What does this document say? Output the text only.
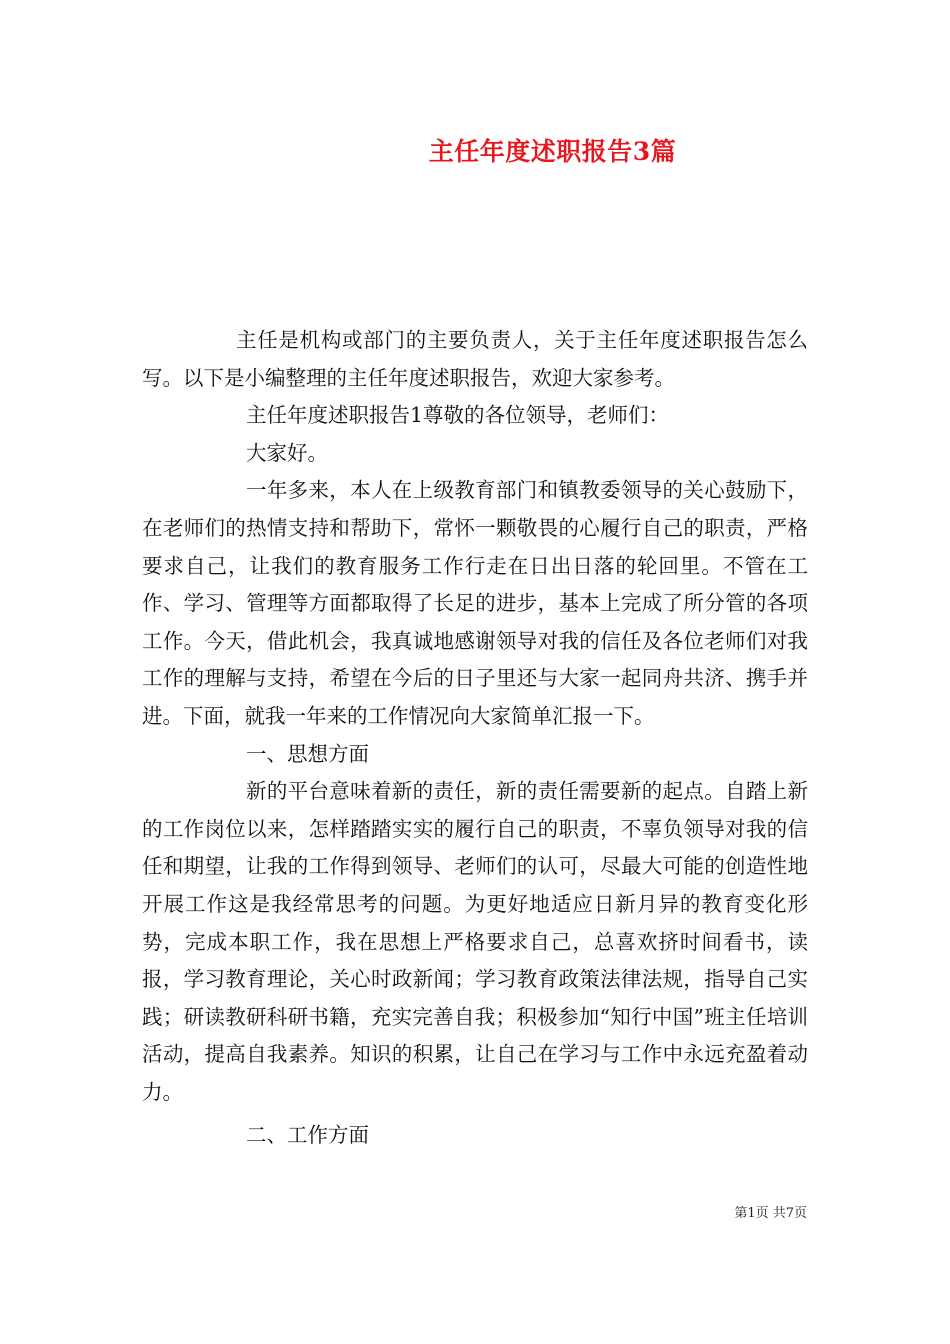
主任年度述职报告3篇

主任是机构或部门的主要负责人，关于主任年度述职报告怎么写。以下是小编整理的主任年度述职报告，欢迎大家参考。

主任年度述职报告1尊敬的各位领导，老师们：

大家好。

一年多来，本人在上级教育部门和镇教委领导的关心鼓励下，在老师们的热情支持和帮助下，常怀一颗敬畏的心履行自己的职责，严格要求自己，让我们的教育服务工作行走在日出日落的轮回里。不管在工作、学习、管理等方面都取得了长足的进步，基本上完成了所分管的各项工作。今天，借此机会，我真诚地感谢领导对我的信任及各位老师们对我工作的理解与支持，希望在今后的日子里还与大家一起同舟共济、携手并进。下面，就我一年来的工作情况向大家简单汇报一下。

一、思想方面

新的平台意味着新的责任，新的责任需要新的起点。自踏上新的工作岗位以来，怎样踏踏实实的履行自己的职责，不辜负领导对我的信任和期望，让我的工作得到领导、老师们的认可，尽最大可能的创造性地开展工作这是我经常思考的问题。为更好地适应日新月异的教育变化形势，完成本职工作，我在思想上严格要求自己，总喜欢挤时间看书，读报，学习教育理论，关心时政新闻；学习教育政策法律法规，指导自己实践；研读教研科研书籍，充实完善自我；积极参加“知行中国”班主任培训活动，提高自我素养。知识的积累，让自己在学习与工作中永远充盈着动力。

二、工作方面

第1页 共7页
